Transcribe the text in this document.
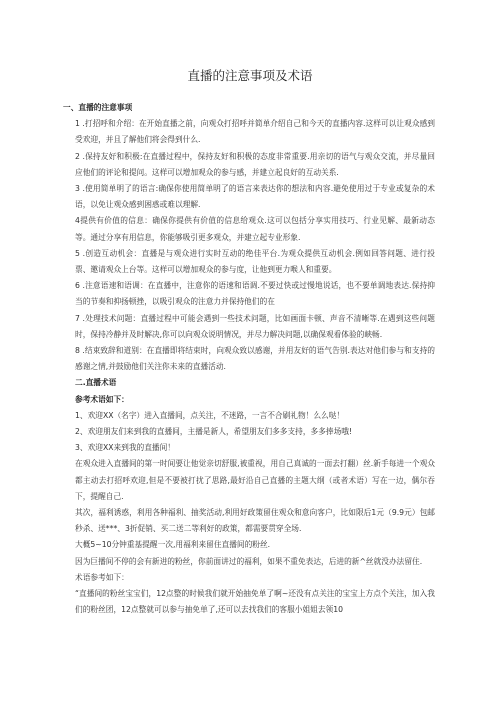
直播的注意事项及术语

一、直播的注意事项

1 .打招呼和介绍：在开始直播之前，向观众打招呼并简单介绍自己和今天的直播内容.这样可以让观众感到受欢迎，并且了解他们将会得到什么.

2 .保持友好和积极:在直播过程中，保持友好和积极的态度非常重要.用亲切的语气与观众交流，并尽量回应他们的评论和提问。这样可以增加观众的参与感，并建立起良好的互动关系.

3 .使用简单明了的语言:确保你使用简单明了的语言来表达你的想法和内容.避免使用过于专业或复杂的术语，以免让观众感到困惑或难以理解.

4提供有价值的信息：确保你提供有价值的信息给观众.这可以包括分享实用技巧、行业见解、最新动态等。通过分享有用信息，你能够吸引更多观众，并建立起专业形象.

5 .创造互动机会：直播是与观众进行实时互动的绝佳平台.为观众提供互动机会.例如回答问题、进行投票、邀请观众上台等。这样可以增加观众的参与度，让他到更力喉人和重要。

6 .注意语速和语调：在直播中，注意你的语速和语调.不要过快或过慢地说话，也不要单调地表达.保持抑当的节奏和抑扬顿挫，以吸引观众的注意力并保持他们的在

7 .处理技术问题：直播过程中可能会遇到一些技术问题，比如画面卡顿、声音不清晰等.在遇到这些问题时，保持冷静并及时解决,你可以向观众说明情况，并尽力解决问题,以确保观看体验的峡畅.

8 .结束致辞和道别：在直播即将结束时，向观众致以感谢，并用友好的语气告别.表达对他们参与和支持的感谢之情,并鼓励他们关注你未来的直播活动.

二.直播术语

参考术语如下：

1、欢迎XX（名字）进入直播间，点关注，不迷路，一言不合刷礼物！么么哒！

2、欢迎朋友们来到我的直播间，主播是新人，希望朋友们多多支持，多多捧场哦!

3、欢迎XX来到我的直播间！

在观众进入直播间的第一时间要让他觉亲切舒服,被重视，用自己真诚的一面去打翻）丝.新手每进一个观众都主动去打招呼欢迎,但是不要被打扰了思路,最好沿自己直播的主题大纲（或者术语）写在一边，偶尔吞下，提醒自己.

其次，福利诱惑，利用各种福利、抽奖活动,利用好政策留住观众和意向客户，比如限后1元（9.9元）包邮秒杀、送***、3折促销、买二送二等利好的政策，都需要贯穿全场.

大概5~10分钟重基提醒一次,用福利来留住直播间的粉丝.

因为巨播间不停的会有新进的粉丝，你前面讲过的福利，如果不重免表达，后进的新^丝就没办法留住.

术语参考如下：

“直播间的粉丝宝宝们，12点整的时候我们就开始抽免单了啊~还没有点关注的宝宝上方点个关注，加入我们的粉丝团，12点整就可以参与抽免单了,还可以去找我们的客服小姐姐去领10
